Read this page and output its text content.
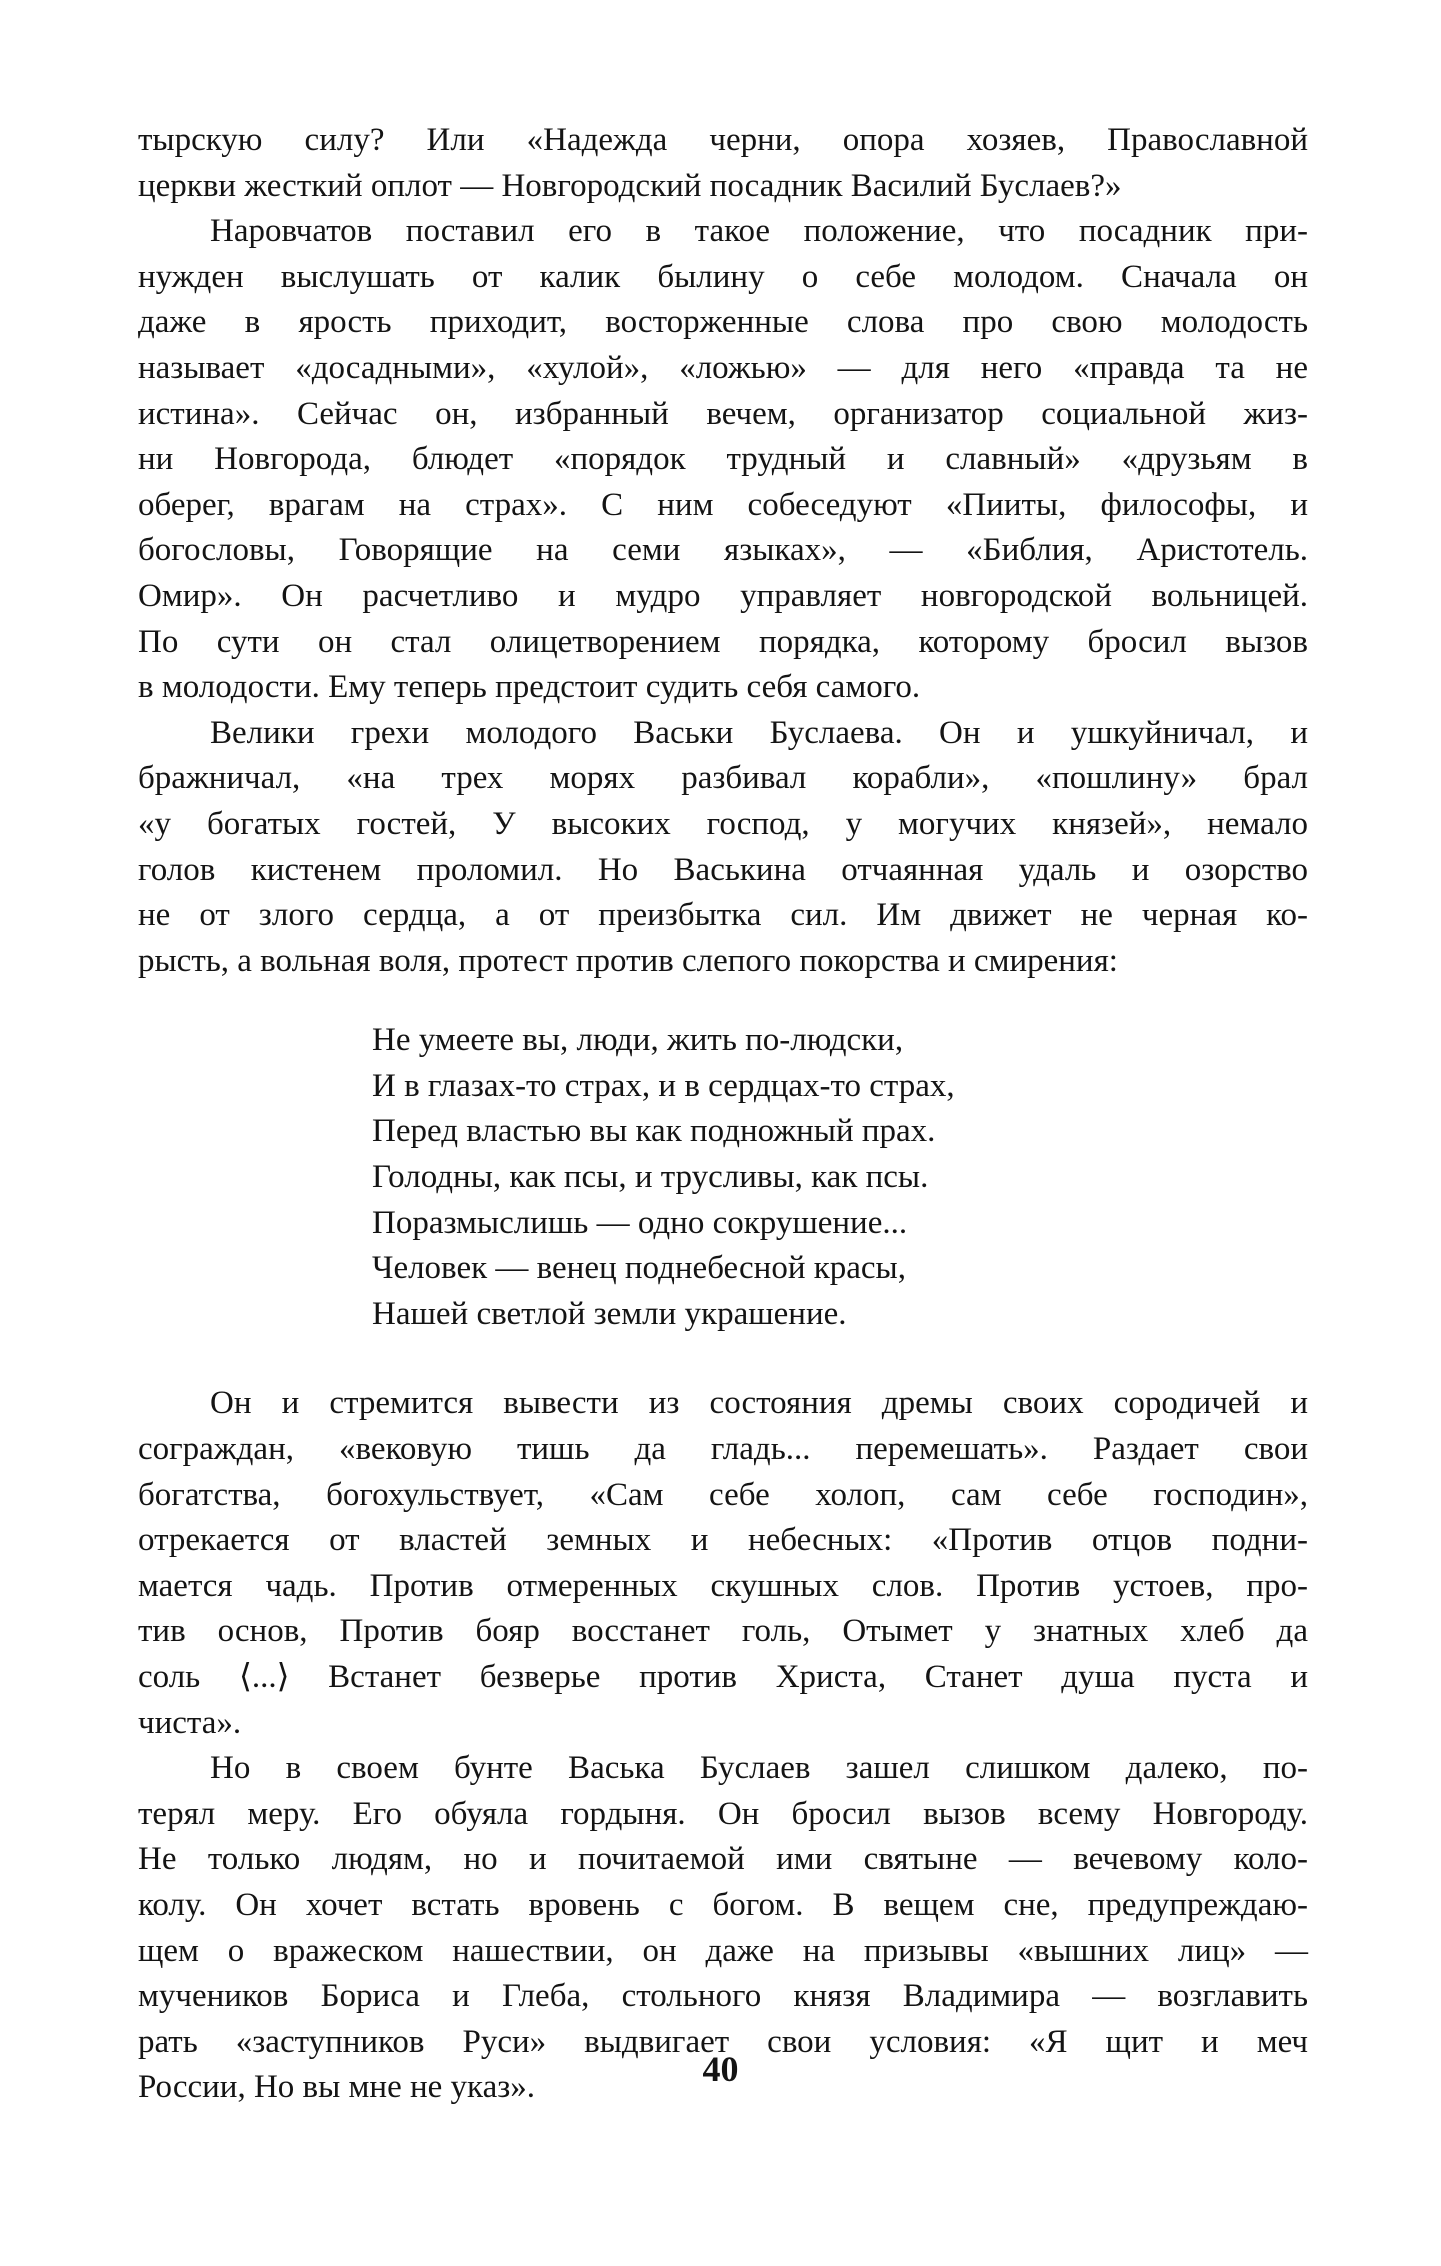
тырскую силу? Или «Надежда черни, опора хозяев, Православной
церкви жесткий оплот — Новгородский посадник Василий Буслаев?»
Наровчатов поставил его в такое положение, что посадник при-
нужден выслушать от калик былину о себе молодом. Сначала он
даже в ярость приходит, восторженные слова про свою молодость
называет «досадными», «хулой», «ложью» — для него «правда та не
истина». Сейчас он, избранный вечем, организатор социальной жиз-
ни Новгорода, блюдет «порядок трудный и славный» «друзьям в
оберег, врагам на страх». С ним собеседуют «Пииты, философы, и
богословы, Говорящие на семи языках», — «Библия, Аристотель.
Омир». Он расчетливо и мудро управляет новгородской вольницей.
По сути он стал олицетворением порядка, которому бросил вызов
в молодости. Ему теперь предстоит судить себя самого.
Велики грехи молодого Васьки Буслаева. Он и ушкуйничал, и
бражничал, «на трех морях разбивал корабли», «пошлину» брал
«у богатых гостей, У высоких господ, у могучих князей», немало
голов кистенем проломил. Но Васькина отчаянная удаль и озорство
не от злого сердца, а от преизбытка сил. Им движет не черная ко-
рысть, а вольная воля, протест против слепого покорства и смирения:
Не умеете вы, люди, жить по-людски,
И в глазах-то страх, и в сердцах-то страх,
Перед властью вы как подножный прах.
Голодны, как псы, и трусливы, как псы.
Поразмыслишь — одно сокрушение...
Человек — венец поднебесной красы,
Нашей светлой земли украшение.
Он и стремится вывести из состояния дремы своих сородичей и
сограждан, «вековую тишь да гладь... перемешать». Раздает свои
богатства, богохульствует, «Сам себе холоп, сам себе господин»,
отрекается от властей земных и небесных: «Против отцов подни-
мается чадь. Против отмеренных скушных слов. Против устоев, про-
тив основ, Против бояр восстанет голь, Отымет у знатных хлеб да
соль ⟨...⟩ Встанет безверье против Христа, Станет душа пуста и
чиста».
Но в своем бунте Васька Буслаев зашел слишком далеко, по-
терял меру. Его обуяла гордыня. Он бросил вызов всему Новгороду.
Не только людям, но и почитаемой ими святыне — вечевому коло-
колу. Он хочет встать вровень с богом. В вещем сне, предупреждаю-
щем о вражеском нашествии, он даже на призывы «вышних лиц» —
мучеников Бориса и Глеба, стольного князя Владимира — возглавить
рать «заступников Руси» выдвигает свои условия: «Я щит и меч
России, Но вы мне не указ».	40
